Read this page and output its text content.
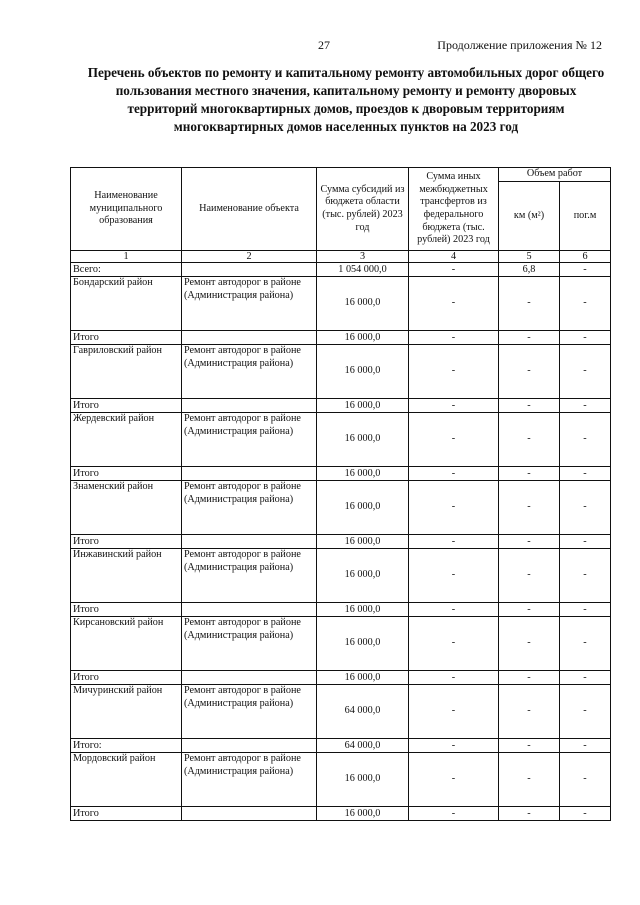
27	Продолжение приложения № 12
Перечень объектов по ремонту и капитальному ремонту автомобильных дорог общего пользования местного значения, капитальному ремонту и ремонту дворовых территорий многоквартирных домов, проездов к дворовым территориям многоквартирных домов населенных пунктов на 2023 год
Наименование муниципального образования	Наименование объекта	Сумма субсидий из бюджета области (тыс. рублей) 2023 год	Сумма иных межбюджетных трансфертов из федерального бюджета (тыс. рублей) 2023 год	Объем работ	
				км (м²)	пог.м
1	2	3	4	5	6
Всего:		1 054 000,0	-	6,8	-
Бондарский район	Ремонт автодорог в районе (Администрация района)	16 000,0	-	-	-
Итого		16 000,0	-	-	-
Гавриловский район	Ремонт автодорог в районе (Администрация района)	16 000,0	-	-	-
Итого		16 000,0	-	-	-
Жердевский район	Ремонт автодорог в районе (Администрация района)	16 000,0	-	-	-
Итого		16 000,0	-	-	-
Знаменский район	Ремонт автодорог в районе (Администрация района)	16 000,0	-	-	-
Итого		16 000,0	-	-	-
Инжавинский район	Ремонт автодорог в районе (Администрация района)	16 000,0	-	-	-
Итого		16 000,0	-	-	-
Кирсановский район	Ремонт автодорог в районе (Администрация района)	16 000,0	-	-	-
Итого		16 000,0	-	-	-
Мичуринский район	Ремонт автодорог в районе (Администрация района)	64 000,0	-	-	-
Итого:		64 000,0	-	-	-
Мордовский район	Ремонт автодорог в районе (Администрация района)	16 000,0	-	-	-
Итого		16 000,0	-	-	-
